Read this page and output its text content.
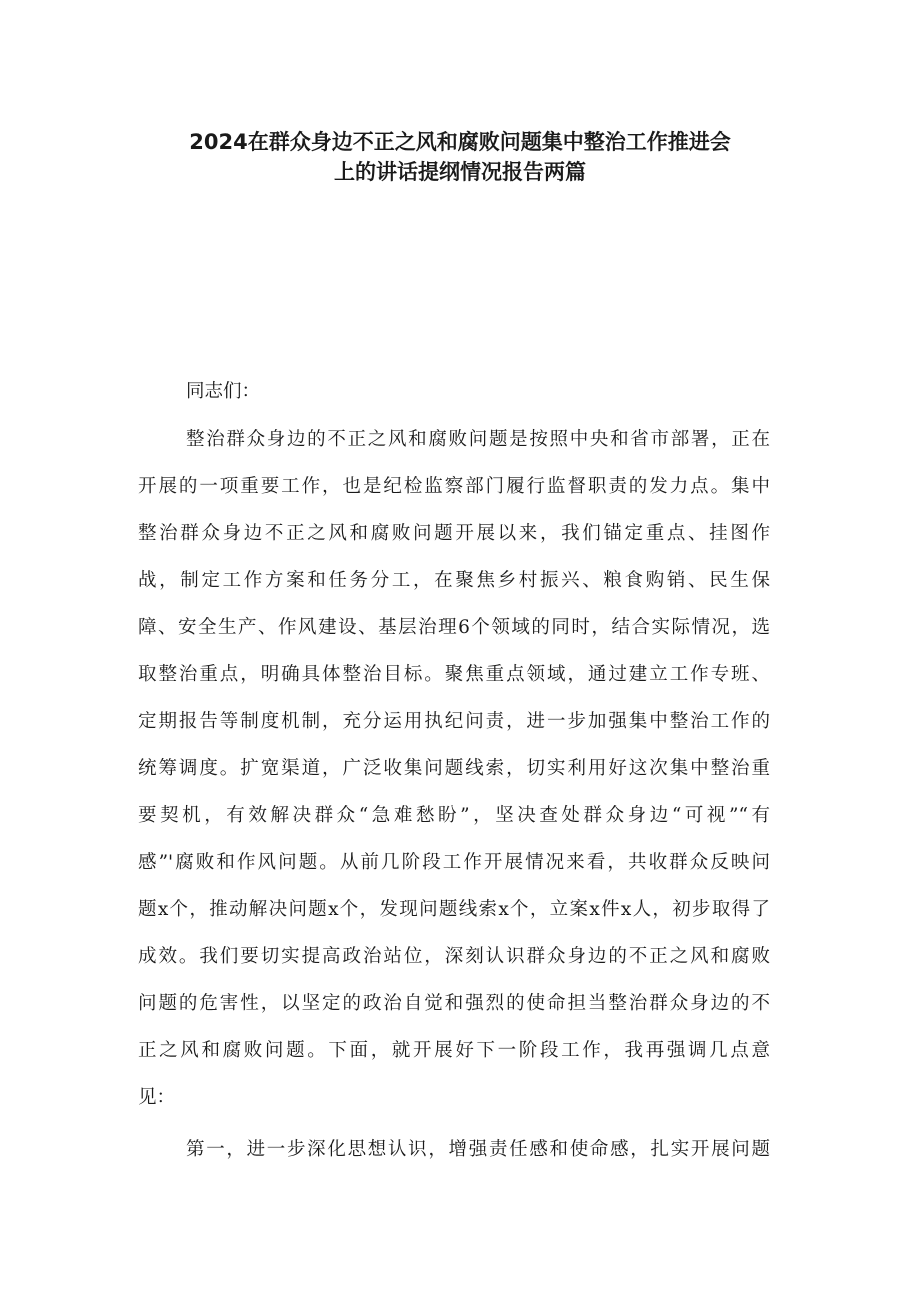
2024在群众身边不正之风和腐败问题集中整治工作推进会
上的讲话提纲情况报告两篇
同志们：
整治群众身边的不正之风和腐败问题是按照中央和省市部署，正在
开展的一项重要工作，也是纪检监察部门履行监督职责的发力点。集中
整治群众身边不正之风和腐败问题开展以来，我们锚定重点、挂图作
战，制定工作方案和任务分工，在聚焦乡村振兴、粮食购销、民生保
障、安全生产、作风建设、基层治理6个领域的同时，结合实际情况，选
取整治重点，明确具体整治目标。聚焦重点领域，通过建立工作专班、
定期报告等制度机制，充分运用执纪问责，进一步加强集中整治工作的
统筹调度。扩宽渠道，广泛收集问题线索，切实利用好这次集中整治重
要契机，有效解决群众“急难愁盼”，坚决查处群众身边“可视”“有
感”'腐败和作风问题。从前几阶段工作开展情况来看，共收群众反映问
题x个，推动解决问题x个，发现问题线索x个，立案x件x人，初步取得了
成效。我们要切实提高政治站位，深刻认识群众身边的不正之风和腐败
问题的危害性，以坚定的政治自觉和强烈的使命担当整治群众身边的不
正之风和腐败问题。下面，就开展好下一阶段工作，我再强调几点意
见：
第一，进一步深化思想认识，增强责任感和使命感，扎实开展问题
